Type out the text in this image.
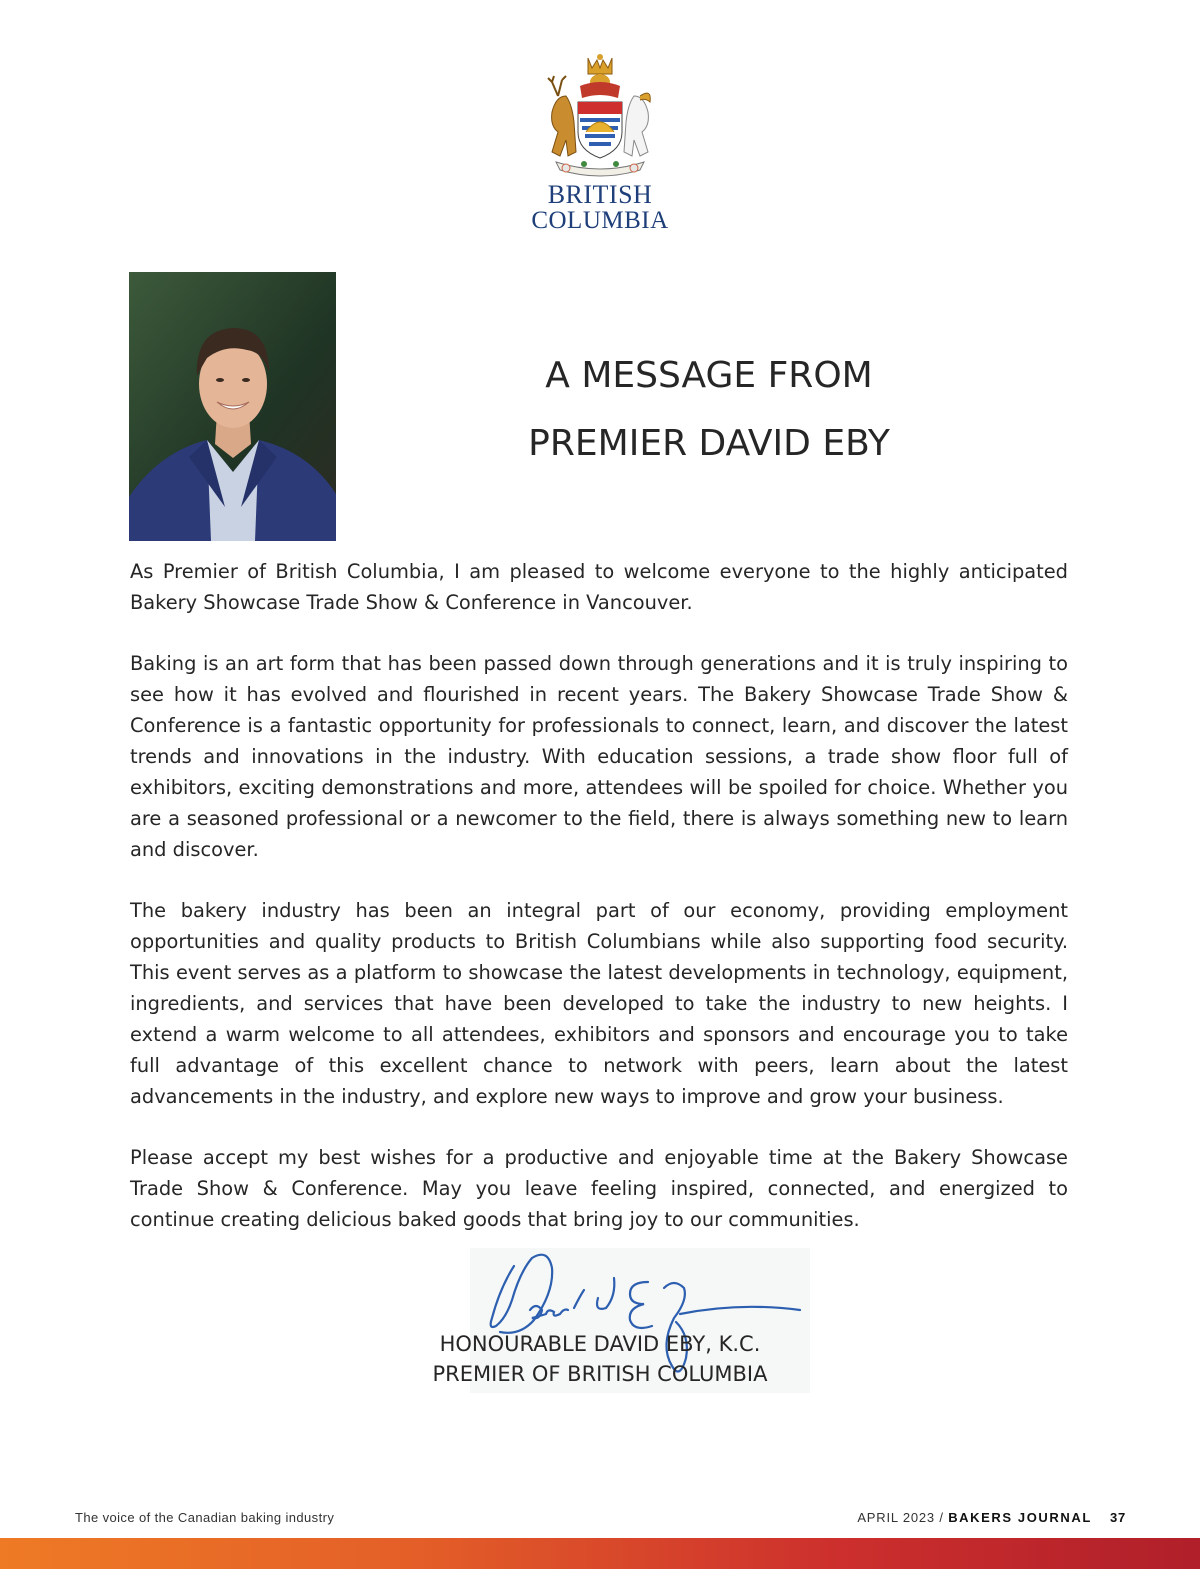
BRITISH
COLUMBIA
A MESSAGE FROM
PREMIER DAVID EBY

As Premier of British Columbia, I am pleased to welcome everyone to the highly anticipated Bakery Showcase Trade Show & Conference in Vancouver.

Baking is an art form that has been passed down through generations and it is truly inspiring to see how it has evolved and flourished in recent years. The Bakery Showcase Trade Show & Conference is a fantastic opportunity for professionals to connect, learn, and discover the latest trends and innovations in the industry. With education sessions, a trade show floor full of exhibitors, exciting demonstrations and more, attendees will be spoiled for choice. Whether you are a seasoned professional or a newcomer to the field, there is always something new to learn and discover.

The bakery industry has been an integral part of our economy, providing employment opportunities and quality products to British Columbians while also supporting food security. This event serves as a platform to showcase the latest developments in technology, equipment, ingredients, and services that have been developed to take the industry to new heights. I extend a warm welcome to all attendees, exhibitors and sponsors and encourage you to take full advantage of this excellent chance to network with peers, learn about the latest advancements in the industry, and explore new ways to improve and grow your business.

Please accept my best wishes for a productive and enjoyable time at the Bakery Showcase Trade Show & Conference. May you leave feeling inspired, connected, and energized to continue creating delicious baked goods that bring joy to our communities.

HONOURABLE DAVID EBY, K.C.
PREMIER OF BRITISH COLUMBIA
The voice of the Canadian baking industry	APRIL 2023 / BAKERS JOURNAL 37
